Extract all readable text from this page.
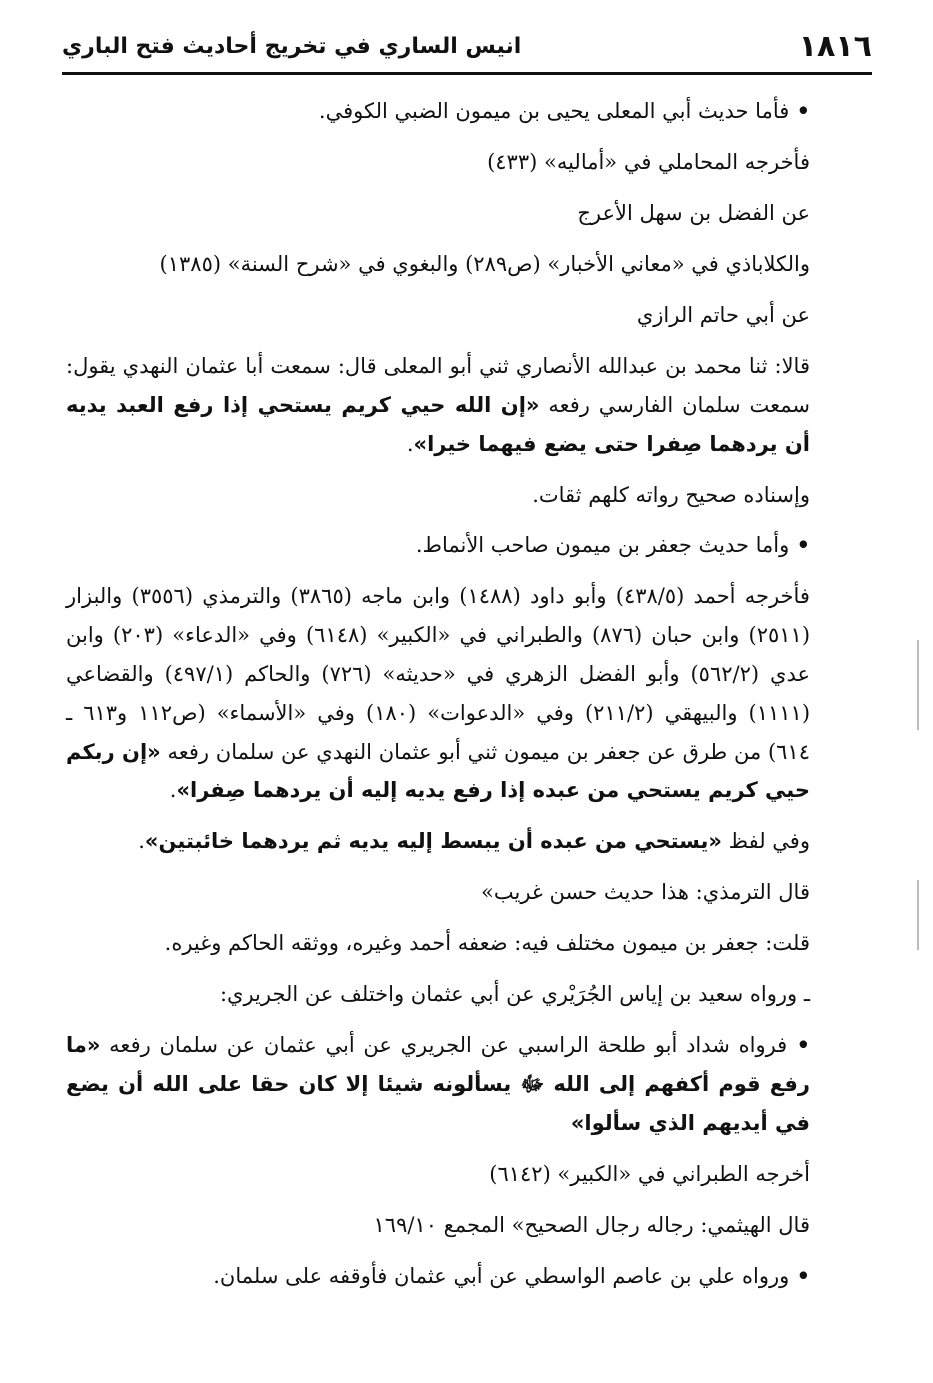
١٨١٦
انيس الساري في تخريج أحاديث فتح الباري
• فأما حديث أبي المعلى يحيى بن ميمون الضبي الكوفي.
فأخرجه المحاملي في «أماليه» (٤٣٣)
عن الفضل بن سهل الأعرج
والكلاباذي في «معاني الأخبار» (ص٢٨٩) والبغوي في «شرح السنة» (١٣٨٥)
عن أبي حاتم الرازي
قالا: ثنا محمد بن عبدالله الأنصاري ثني أبو المعلى قال: سمعت أبا عثمان النهدي يقول: سمعت سلمان الفارسي رفعه «إن الله حيي كريم يستحي إذا رفع العبد يديه أن يردهما صِفرا حتى يضع فيهما خيرا».
وإسناده صحيح رواته كلهم ثقات.
• وأما حديث جعفر بن ميمون صاحب الأنماط.
فأخرجه أحمد (٤٣٨/٥) وأبو داود (١٤٨٨) وابن ماجه (٣٨٦٥) والترمذي (٣٥٥٦) والبزار (٢٥١١) وابن حبان (٨٧٦) والطبراني في «الكبير» (٦١٤٨) وفي «الدعاء» (٢٠٣) وابن عدي (٥٦٢/٢) وأبو الفضل الزهري في «حديثه» (٧٢٦) والحاكم (٤٩٧/١) والقضاعي (١١١١) والبيهقي (٢١١/٢) وفي «الدعوات» (١٨٠) وفي «الأسماء» (ص١١٢ و٦١٣ ـ ٦١٤) من طرق عن جعفر بن ميمون ثني أبو عثمان النهدي عن سلمان رفعه «إن ربكم حيي كريم يستحي من عبده إذا رفع يديه إليه أن يردهما صِفرا».
وفي لفظ «يستحي من عبده أن يبسط إليه يديه ثم يردهما خائبتين».
قال الترمذي: هذا حديث حسن غريب»
قلت: جعفر بن ميمون مختلف فيه: ضعفه أحمد وغيره، ووثقه الحاكم وغيره.
ـ ورواه سعيد بن إياس الجُرَيْري عن أبي عثمان واختلف عن الجريري:
• فرواه شداد أبو طلحة الراسبي عن الجريري عن أبي عثمان عن سلمان رفعه «ما رفع قوم أكفهم إلى الله ﷻ يسألونه شيئا إلا كان حقا على الله أن يضع في أيديهم الذي سألوا»
أخرجه الطبراني في «الكبير» (٦١٤٢)
قال الهيثمي: رجاله رجال الصحيح» المجمع ١٦٩/١٠
• ورواه علي بن عاصم الواسطي عن أبي عثمان فأوقفه على سلمان.
